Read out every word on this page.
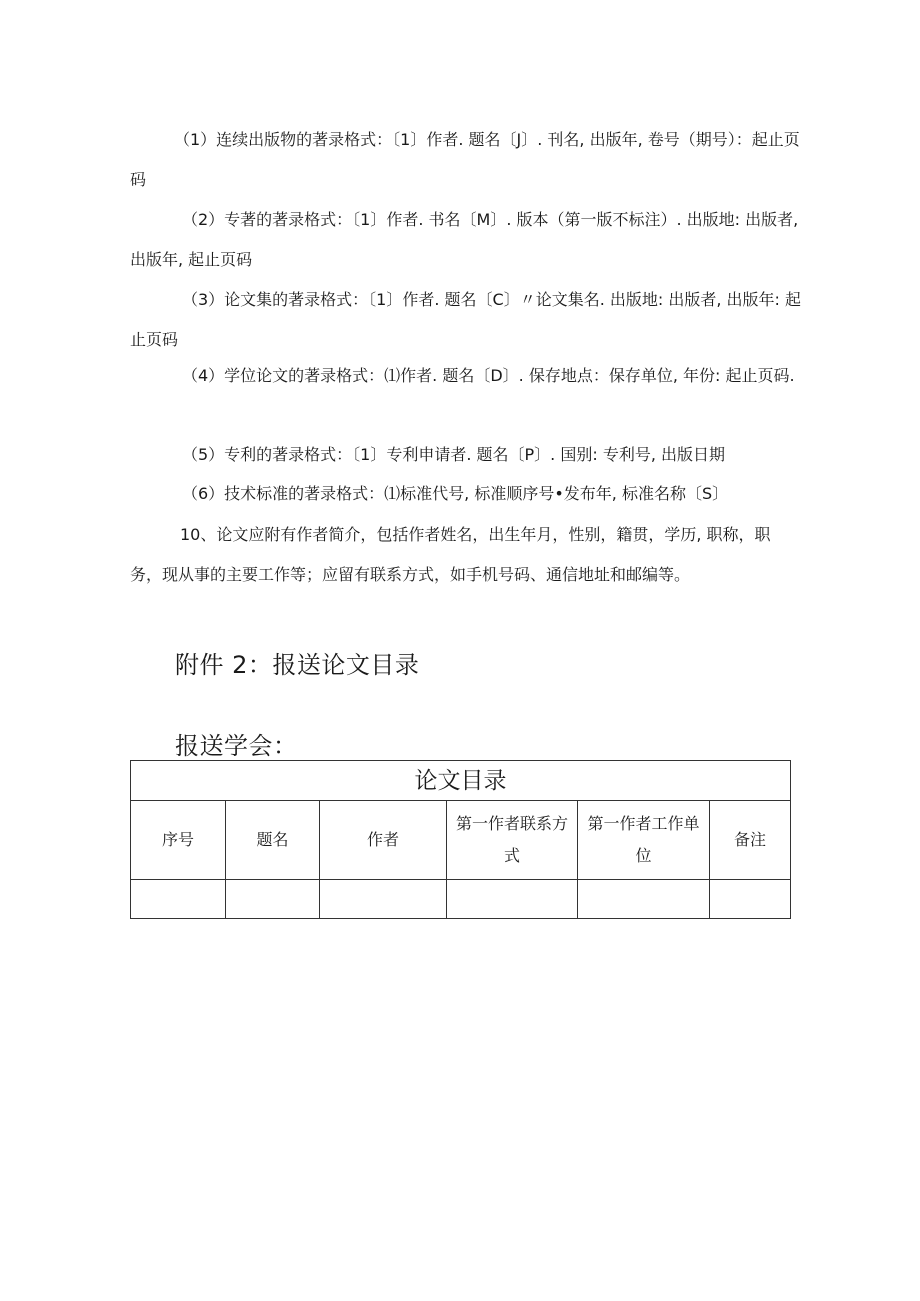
（1）连续出版物的著录格式：〔1〕作者. 题名〔J〕. 刊名, 出版年, 卷号（期号）：起止页码

（2）专著的著录格式：〔1〕作者. 书名〔M〕. 版本（第一版不标注）. 出版地: 出版者, 出版年, 起止页码

（3）论文集的著录格式：〔1〕作者. 题名〔C〕〃论文集名. 出版地: 出版者, 出版年: 起止页码

（4）学位论文的著录格式：⑴作者. 题名〔D〕. 保存地点：保存单位, 年份: 起止页码.

（5）专利的著录格式：〔1〕专利申请者. 题名〔P〕. 国别: 专利号, 出版日期

（6）技术标准的著录格式：⑴标准代号, 标准顺序号•发布年, 标准名称〔S〕

10、论文应附有作者简介，包括作者姓名，出生年月，性别，籍贯，学历, 职称，职务，现从事的主要工作等；应留有联系方式，如手机号码、通信地址和邮编等。

附件 2：报送论文目录
报送学会：
论文目录					
序号	题名	作者	第一作者联系方式	第一作者工作单位	备注
